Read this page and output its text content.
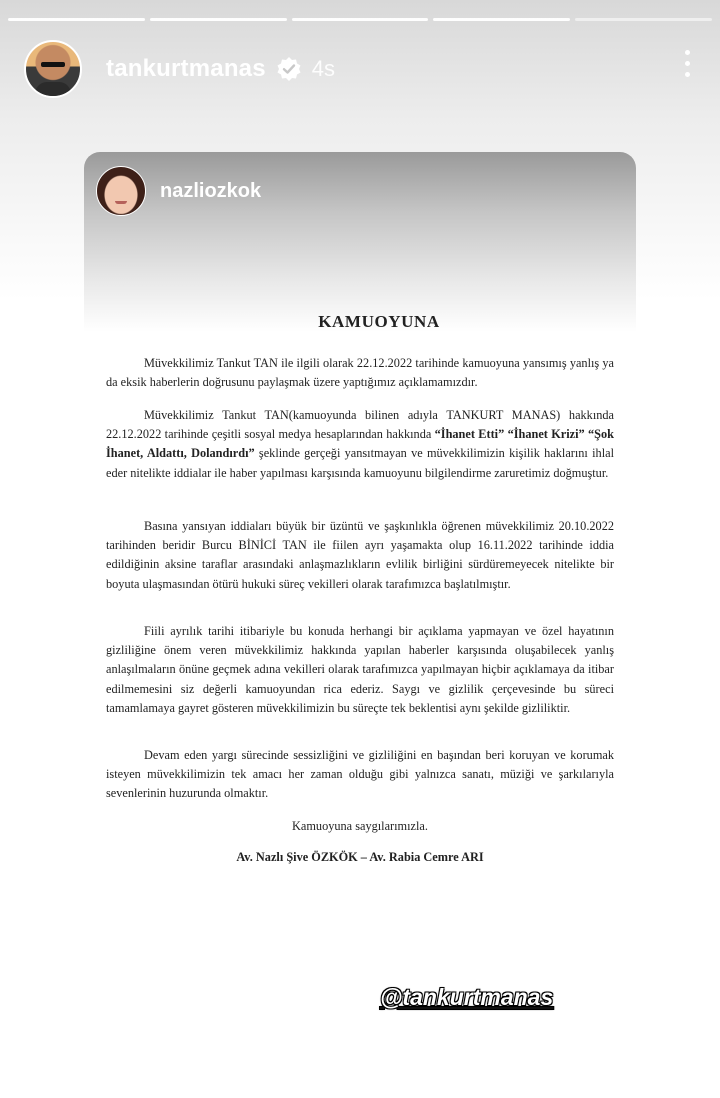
tankurtmanas 4s
nazliozkok

KAMUOYUNA

Müvekkilimiz Tankut TAN ile ilgili olarak 22.12.2022 tarihinde kamuoyuna yansımış yanlış ya da eksik haberlerin doğrusunu paylaşmak üzere yaptığımız açıklamamızdır.

Müvekkilimiz Tankut TAN(kamuoyunda bilinen adıyla TANKURT MANAS) hakkında 22.12.2022 tarihinde çeşitli sosyal medya hesaplarından hakkında “İhanet Etti” “İhanet Krizi” “Şok İhanet, Aldattı, Dolandırdı” şeklinde gerçeği yansıtmayan ve müvekkilimizin kişilik haklarını ihlal eder nitelikte iddialar ile haber yapılması karşısında kamuoyunu bilgilendirme zaruretimiz doğmuştur.

Basına yansıyan iddiaları büyük bir üzüntü ve şaşkınlıkla öğrenen müvekkilimiz 20.10.2022 tarihinden beridir Burcu BİNİCİ TAN ile fiilen ayrı yaşamakta olup 16.11.2022 tarihinde iddia edildiğinin aksine taraflar arasındaki anlaşmazlıkların evlilik birliğini sürdüremeyecek nitelikte bir boyuta ulaşmasından ötürü hukuki süreç vekilleri olarak tarafımızca başlatılmıştır.

Fiili ayrılık tarihi itibariyle bu konuda herhangi bir açıklama yapmayan ve özel hayatının gizliliğine önem veren müvekkilimiz hakkında yapılan haberler karşısında oluşabilecek yanlış anlaşılmaların önüne geçmek adına vekilleri olarak tarafımızca yapılmayan hiçbir açıklamaya da itibar edilmemesini siz değerli kamuoyundan rica ederiz. Saygı ve gizlilik çerçevesinde bu süreci tamamlamaya gayret gösteren müvekkilimizin bu süreçte tek beklentisi aynı şekilde gizliliktir.

Devam eden yargı sürecinde sessizliğini ve gizliliğini en başından beri koruyan ve korumak isteyen müvekkilimizin tek amacı her zaman olduğu gibi yalnızca sanatı, müziği ve şarkılarıyla sevenlerinin huzurunda olmaktır.

Kamuoyuna saygılarımızla.
Av. Nazlı Şive ÖZKÖK – Av. Rabia Cemre ARI
@tankurtmanas
